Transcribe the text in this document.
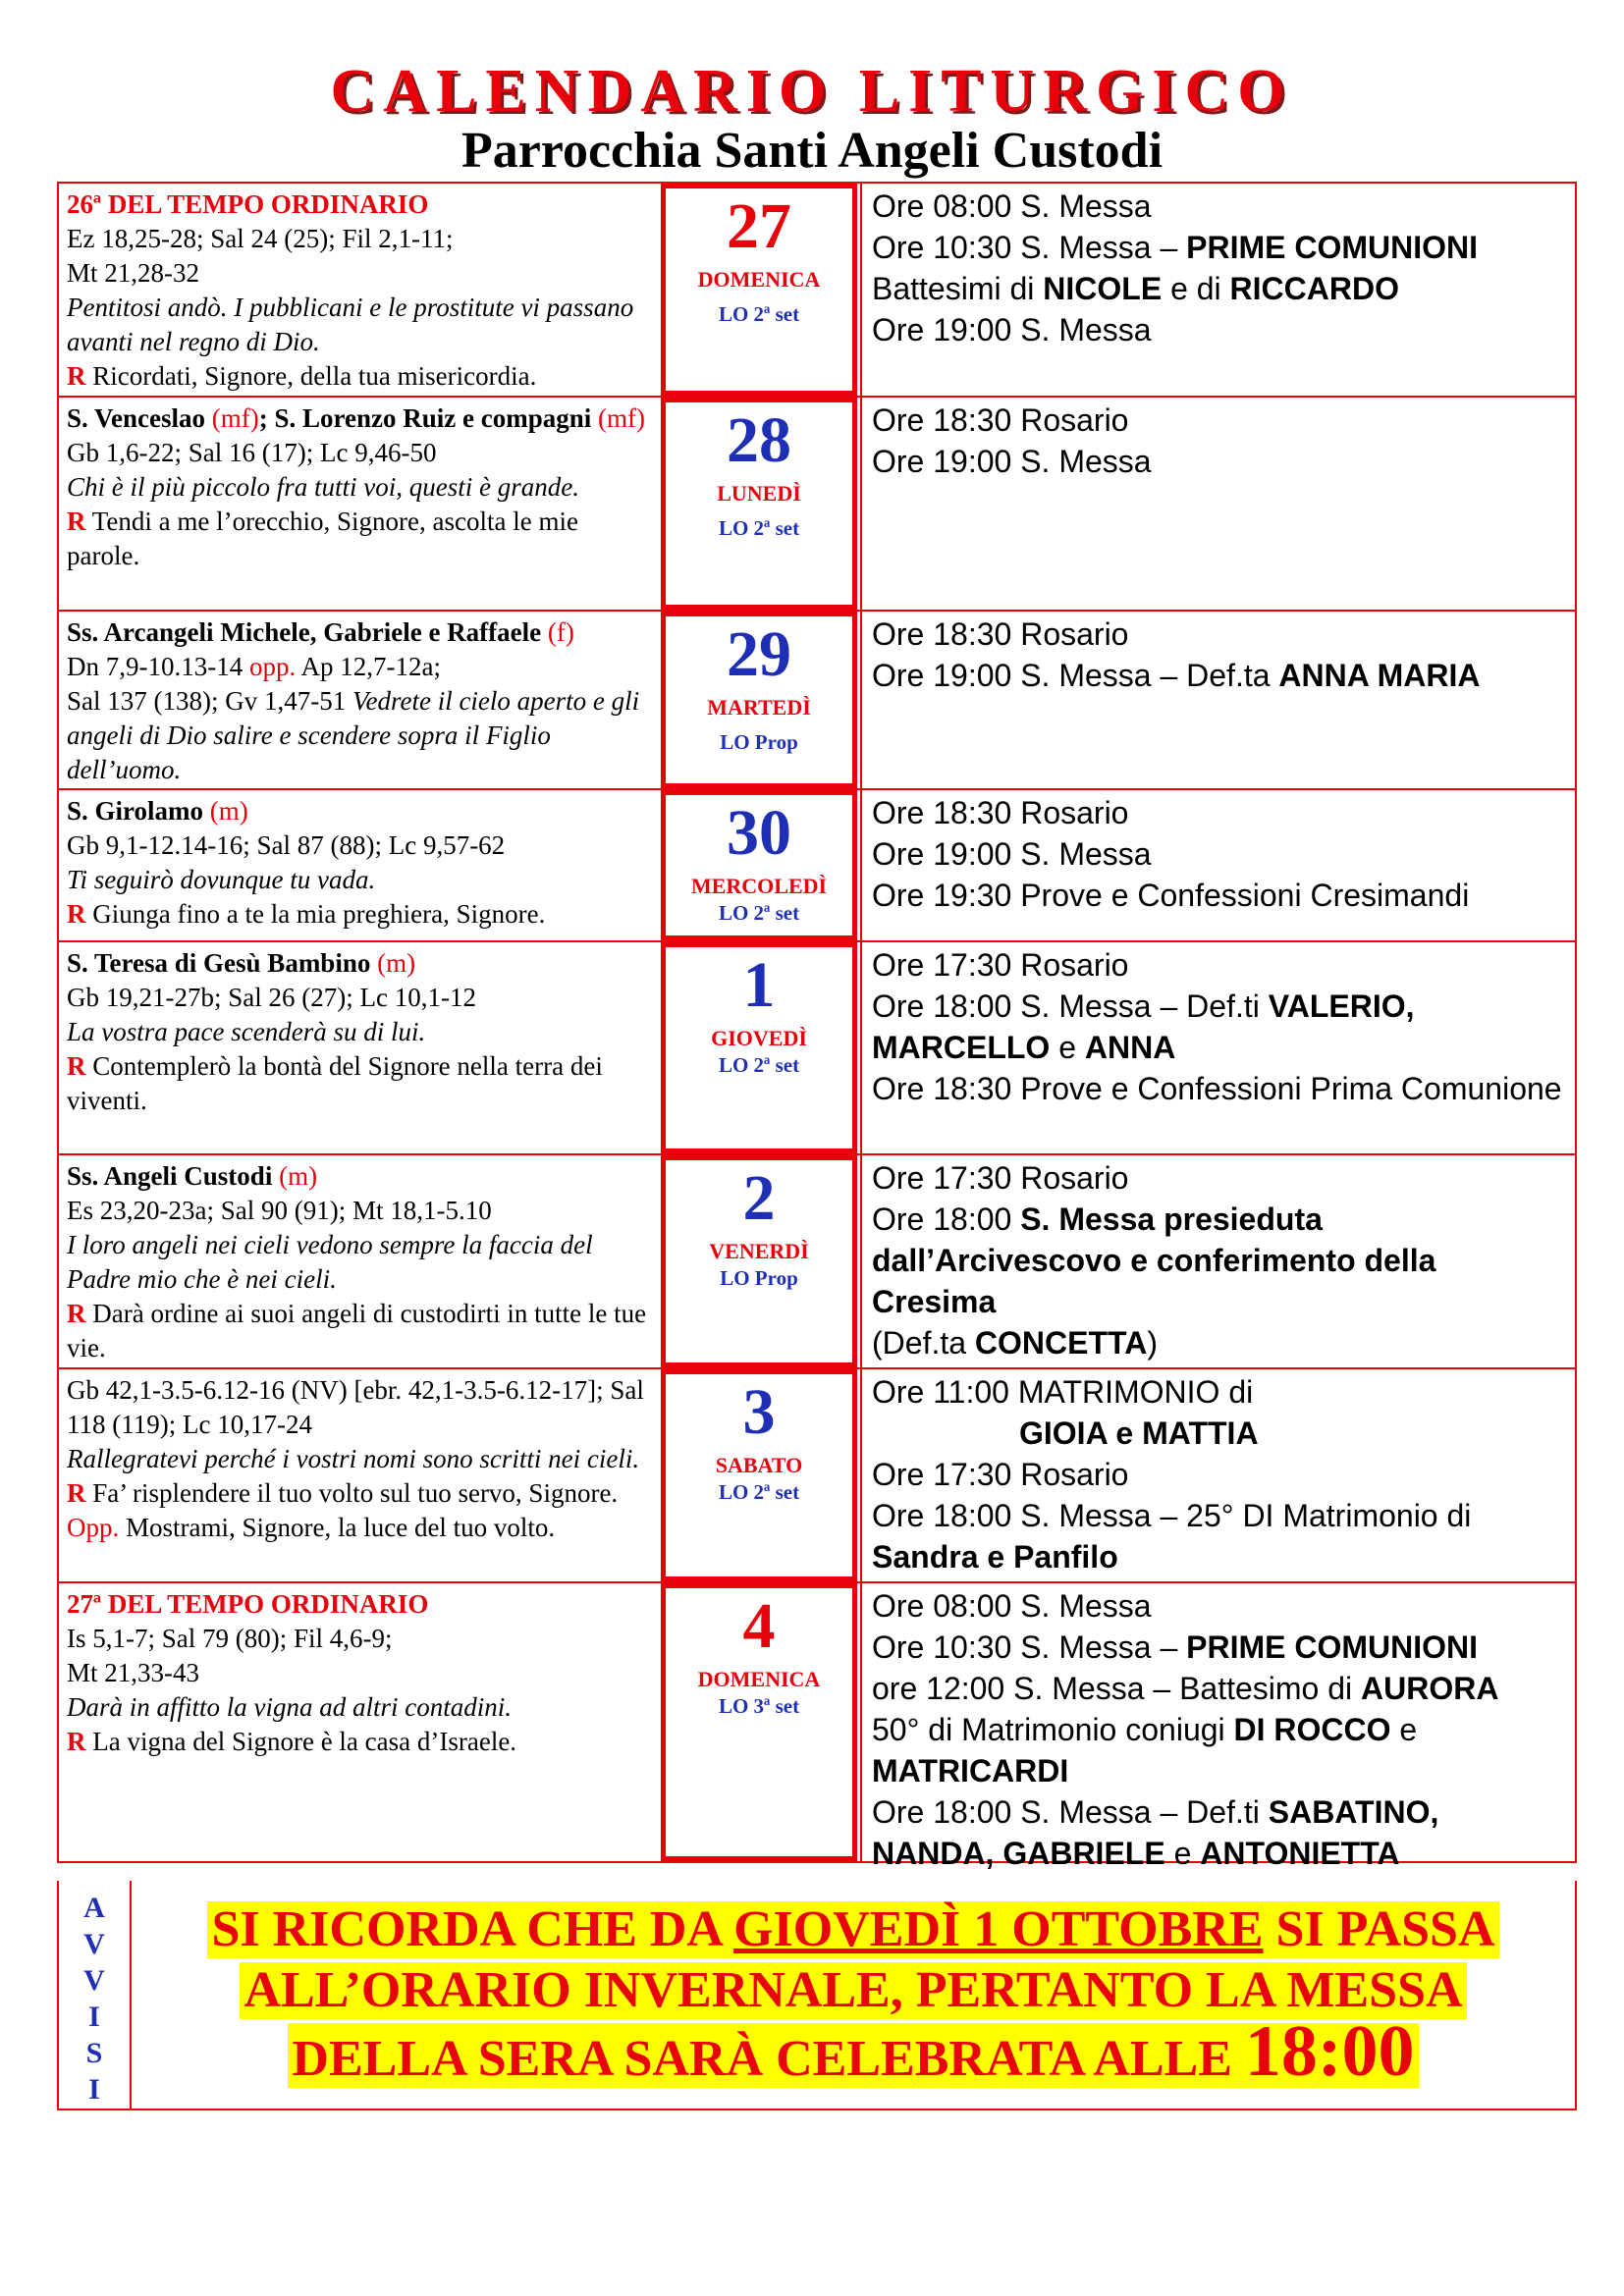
CALENDARIO LITURGICO
Parrocchia Santi Angeli Custodi
26ª DEL TEMPO ORDINARIO
Ez 18,25-28; Sal 24 (25); Fil 2,1-11;
Mt 21,28-32
Pentitosi andò. I pubblicani e le prostitute vi passano avanti nel regno di Dio.
R Ricordati, Signore, della tua misericordia.
27
DOMENICA
LO 2ª set
Ore 08:00 S. Messa
Ore 10:30 S. Messa – PRIME COMUNIONI
Battesimi di NICOLE e di RICCARDO
Ore 19:00 S. Messa
S. Venceslao (mf); S. Lorenzo Ruiz e compagni (mf)
Gb 1,6-22; Sal 16 (17); Lc 9,46-50
Chi è il più piccolo fra tutti voi, questi è grande.
R Tendi a me l’orecchio, Signore, ascolta le mie parole.
28
LUNEDÌ
LO 2ª set
Ore 18:30 Rosario
Ore 19:00 S. Messa
Ss. Arcangeli Michele, Gabriele e Raffaele (f)
Dn 7,9-10.13-14 opp. Ap 12,7-12a;
Sal 137 (138); Gv 1,47-51 Vedrete il cielo aperto e gli angeli di Dio salire e scendere sopra il Figlio dell’uomo.
29
MARTEDÌ
LO Prop
Ore 18:30 Rosario
Ore 19:00 S. Messa – Def.ta ANNA MARIA
S. Girolamo (m)
Gb 9,1-12.14-16; Sal 87 (88); Lc 9,57-62
Ti seguirò dovunque tu vada.
R Giunga fino a te la mia preghiera, Signore.
30
MERCOLEDÌ
LO 2ª set
Ore 18:30 Rosario
Ore 19:00 S. Messa
Ore 19:30 Prove e Confessioni Cresimandi
S. Teresa di Gesù Bambino (m)
Gb 19,21-27b; Sal 26 (27); Lc 10,1-12
La vostra pace scenderà su di lui.
R Contemplerò la bontà del Signore nella terra dei viventi.
1
GIOVEDÌ
LO 2ª set
Ore 17:30 Rosario
Ore 18:00 S. Messa – Def.ti VALERIO, MARCELLO e ANNA
Ore 18:30 Prove e Confessioni Prima Comunione
Ss. Angeli Custodi (m)
Es 23,20-23a; Sal 90 (91); Mt 18,1-5.10
I loro angeli nei cieli vedono sempre la faccia del Padre mio che è nei cieli.
R Darà ordine ai suoi angeli di custodirti in tutte le tue vie.
2
VENERDÌ
LO Prop
Ore 17:30 Rosario
Ore 18:00 S. Messa presieduta dall’Arcivescovo e conferimento della Cresima
(Def.ta CONCETTA)
Gb 42,1-3.5-6.12-16 (NV) [ebr. 42,1-3.5-6.12-17]; Sal 118 (119); Lc 10,17-24
Rallegratevi perché i vostri nomi sono scritti nei cieli. R Fa’ risplendere il tuo volto sul tuo servo, Signore. Opp. Mostrami, Signore, la luce del tuo volto.
3
SABATO
LO 2ª set
Ore 11:00 MATRIMONIO di
GIOIA e MATTIA
Ore 17:30 Rosario
Ore 18:00 S. Messa – 25° DI Matrimonio di
Sandra e Panfilo
27ª DEL TEMPO ORDINARIO
Is 5,1-7; Sal 79 (80); Fil 4,6-9;
Mt 21,33-43
Darà in affitto la vigna ad altri contadini.
R La vigna del Signore è la casa d’Israele.
4
DOMENICA
LO 3ª set
Ore 08:00 S. Messa
Ore 10:30 S. Messa – PRIME COMUNIONI
ore 12:00 S. Messa – Battesimo di AURORA
50° di Matrimonio coniugi DI ROCCO e MATRICARDI
Ore 18:00 S. Messa – Def.ti SABATINO, NANDA, GABRIELE e ANTONIETTA
A
V
V
I
S
I
SI RICORDA CHE DA GIOVEDÌ 1 OTTOBRE SI PASSA
ALL’ORARIO INVERNALE, PERTANTO LA MESSA
DELLA SERA SARÀ CELEBRATA ALLE 18:00
